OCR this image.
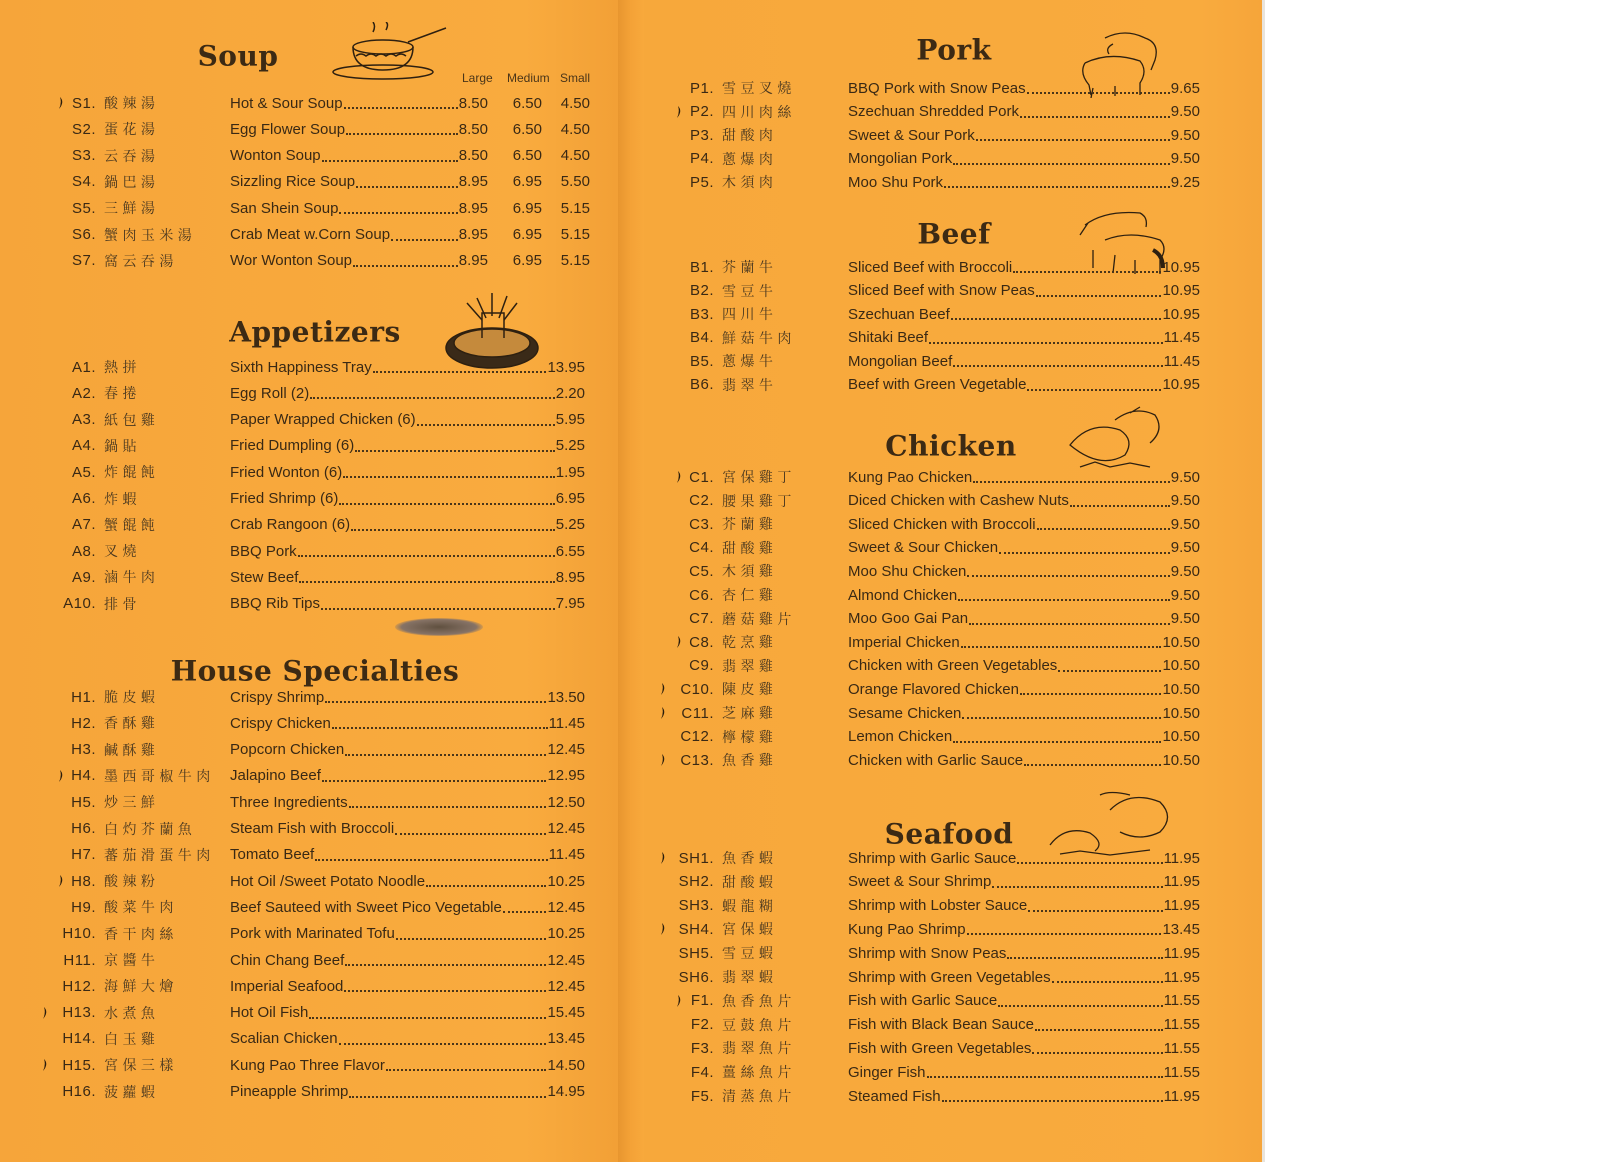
Soup
Large Medium Small
Appetizers
House Specialties
Pork
Beef
Chicken
Seafood
S1. 酸 辣 湯	Hot & Sour Soup	8.50	6.50	4.50
S2. 蛋 花 湯	Egg Flower Soup	8.50	6.50	4.50
S3. 云 吞 湯	Wonton Soup	8.50	6.50	4.50
S4. 鍋 巴 湯	Sizzling Rice Soup	8.95	6.95	5.50
S5. 三 鮮 湯	San Shein Soup	8.95	6.95	5.15
S6. 蟹 肉 玉 米 湯	Crab Meat w.Corn Soup	8.95	6.95	5.15
S7. 窩 云 吞 湯	Wor Wonton Soup	8.95	6.95	5.15
A1. 熱 拼	Sixth Happiness Tray	13.95
A2. 春 捲	Egg Roll (2)	2.20
A3. 紙 包 雞	Paper Wrapped Chicken (6)	5.95
A4. 鍋 貼	Fried Dumpling (6)	5.25
A5. 炸 餛 飩	Fried Wonton (6)	1.95
A6. 炸 蝦	Fried Shrimp (6)	6.95
A7. 蟹 餛 飩	Crab Rangoon (6)	5.25
A8. 叉 燒	BBQ Pork	6.55
A9. 滷 牛 肉	Stew Beef	8.95
A10. 排 骨	BBQ Rib Tips	7.95
H1. 脆 皮 蝦	Crispy Shrimp	13.50
H2. 香 酥 雞	Crispy Chicken	11.45
H3. 鹹 酥 雞	Popcorn Chicken	12.45
H4. 墨 西 哥 椒 牛 肉	Jalapino Beef	12.95
H5. 炒 三 鮮	Three Ingredients	12.50
H6. 白 灼 芥 蘭 魚	Steam Fish with Broccoli	12.45
H7. 蕃 茄 滑 蛋 牛 肉	Tomato Beef	11.45
H8. 酸 辣 粉	Hot Oil /Sweet Potato Noodle	10.25
H9. 酸 菜 牛 肉	Beef Sauteed with Sweet Pico Vegetable	12.45
H10. 香 干 肉 絲	Pork with Marinated Tofu	10.25
H11. 京 醬 牛	Chin Chang Beef	12.45
H12. 海 鮮 大 燴	Imperial Seafood	12.45
H13. 水 煮 魚	Hot Oil Fish	15.45
H14. 白 玉 雞	Scalian Chicken	13.45
H15. 宮 保 三 樣	Kung Pao Three Flavor	14.50
H16. 菠 蘿 蝦	Pineapple Shrimp	14.95
P1. 雪 豆 叉 燒	BBQ Pork with Snow Peas	9.65
P2. 四 川 肉 絲	Szechuan Shredded Pork	9.50
P3. 甜 酸 肉	Sweet & Sour Pork	9.50
P4. 蔥 爆 肉	Mongolian Pork	9.50
P5. 木 須 肉	Moo Shu Pork	9.25
B1. 芥 蘭 牛	Sliced Beef with Broccoli	10.95
B2. 雪 豆 牛	Sliced Beef with Snow Peas	10.95
B3. 四 川 牛	Szechuan Beef	10.95
B4. 鮮 菇 牛 肉	Shitaki Beef	11.45
B5. 蔥 爆 牛	Mongolian Beef	11.45
B6. 翡 翠 牛	Beef with Green Vegetable	10.95
C1. 宮 保 雞 丁	Kung Pao Chicken	9.50
C2. 腰 果 雞 丁	Diced Chicken with Cashew Nuts	9.50
C3. 芥 蘭 雞	Sliced Chicken with Broccoli	9.50
C4. 甜 酸 雞	Sweet & Sour Chicken	9.50
C5. 木 須 雞	Moo Shu Chicken	9.50
C6. 杏 仁 雞	Almond Chicken	9.50
C7. 蘑 菇 雞 片	Moo Goo Gai Pan	9.50
C8. 乾 烹 雞	Imperial Chicken	10.50
C9. 翡 翠 雞	Chicken with Green Vegetables	10.50
C10. 陳 皮 雞	Orange Flavored Chicken	10.50
C11. 芝 麻 雞	Sesame Chicken	10.50
C12. 檸 檬 雞	Lemon Chicken	10.50
C13. 魚 香 雞	Chicken with Garlic Sauce	10.50
SH1. 魚 香 蝦	Shrimp with Garlic Sauce	11.95
SH2. 甜 酸 蝦	Sweet & Sour Shrimp	11.95
SH3. 蝦 龍 糊	Shrimp with Lobster Sauce	11.95
SH4. 宮 保 蝦	Kung Pao Shrimp	13.45
SH5. 雪 豆 蝦	Shrimp with Snow Peas	11.95
SH6. 翡 翠 蝦	Shrimp with Green Vegetables	11.95
F1. 魚 香 魚 片	Fish with Garlic Sauce	11.55
F2. 豆 鼓 魚 片	Fish with Black Bean Sauce	11.55
F3. 翡 翠 魚 片	Fish with Green Vegetables	11.55
F4. 薑 絲 魚 片	Ginger Fish	11.55
F5. 清 蒸 魚 片	Steamed Fish	11.95
